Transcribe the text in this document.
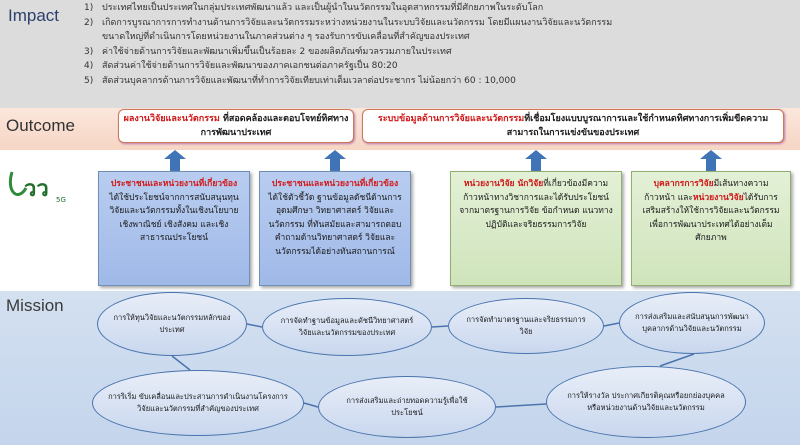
Impact	1) ประเทศไทยเป็นประเทศในกลุ่มประเทศพัฒนาแล้ว และเป็นผู้นำในนวัตกรรมในอุตสาหกรรมที่มีศักยภาพในระดับโลก
2) เกิดการบูรณาการการทำงานด้านการวิจัยและนวัตกรรมระหว่างหน่วยงานในระบบวิจัยและนวัตกรรม โดยมีแผนงานวิจัยและนวัตกรรม
ขนาดใหญ่ที่ดำเนินการโดยหน่วยงานในภาคส่วนต่าง ๆ รองรับการขับเคลื่อนที่สำคัญของประเทศ
3) ค่าใช้จ่ายด้านการวิจัยและพัฒนาเพิ่มขึ้นเป็นร้อยละ 2 ของผลิตภัณฑ์มวลรวมภายในประเทศ
4) สัดส่วนค่าใช้จ่ายด้านการวิจัยและพัฒนาของภาคเอกชนต่อภาครัฐเป็น 80:20
5) สัดส่วนบุคลากรด้านการวิจัยและพัฒนาที่ทำการวิจัยเทียบเท่าเต็มเวลาต่อประชากร ไม่น้อยกว่า 60 : 10,000
Outcome	ผลงานวิจัยและนวัตกรรม ที่สอดคล้องและตอบโจทย์ทิศทางการพัฒนาประเทศ
ระบบข้อมูลด้านการวิจัยและนวัตกรรมที่เชื่อมโยงแบบบูรณาการและใช้กำหนดทิศทางการเพิ่มขีดความสามารถในการแข่งขันของประเทศ
วว 5G
ประชาชนและหน่วยงานที่เกี่ยวข้องได้ใช้ประโยชน์จากการสนับสนุนทุนวิจัยและนวัตกรรมทั้งในเชิงนโยบาย เชิงพาณิชย์ เชิงสังคม และเชิงสาธารณประโยชน์
ประชาชนและหน่วยงานที่เกี่ยวข้องได้ใช้ตัวชี้วัด ฐานข้อมูลดัชนีด้านการอุดมศึกษา วิทยาศาสตร์ วิจัยและนวัตกรรม ที่ทันสมัยและสามารถตอบคำถามด้านวิทยาศาสตร์ วิจัยและนวัตกรรมได้อย่างทันสถานการณ์
หน่วยงานวิจัย นักวิจัยที่เกี่ยวข้องมีความก้าวหน้าทางวิชาการและได้รับประโยชน์จากมาตรฐานการวิจัย ข้อกำหนด แนวทางปฏิบัติและจริยธรรมการวิจัย
บุคลากรการวิจัยมีเส้นทางความก้าวหน้า และหน่วยงานวิจัยได้รับการเสริมสร้างให้ใช้การวิจัยและนวัตกรรมเพื่อการพัฒนาประเทศได้อย่างเต็มศักยภาพ
Mission
การให้ทุนวิจัยและนวัตกรรมหลักของประเทศ
การจัดทำฐานข้อมูลและดัชนีวิทยาศาสตร์ วิจัยและนวัตกรรมของประเทศ
การจัดทำมาตรฐานและจริยธรรมการวิจัย
การส่งเสริมและสนับสนุนการพัฒนาบุคลากรด้านวิจัยและนวัตกรรม
การริเริ่ม ขับเคลื่อนและประสานการดำเนินงานโครงการวิจัยและนวัตกรรมที่สำคัญของประเทศ
การส่งเสริมและถ่ายทอดความรู้เพื่อใช้ประโยชน์
การให้รางวัล ประกาศเกียรติคุณหรือยกย่องบุคคลหรือหน่วยงานด้านวิจัยและนวัตกรรม
